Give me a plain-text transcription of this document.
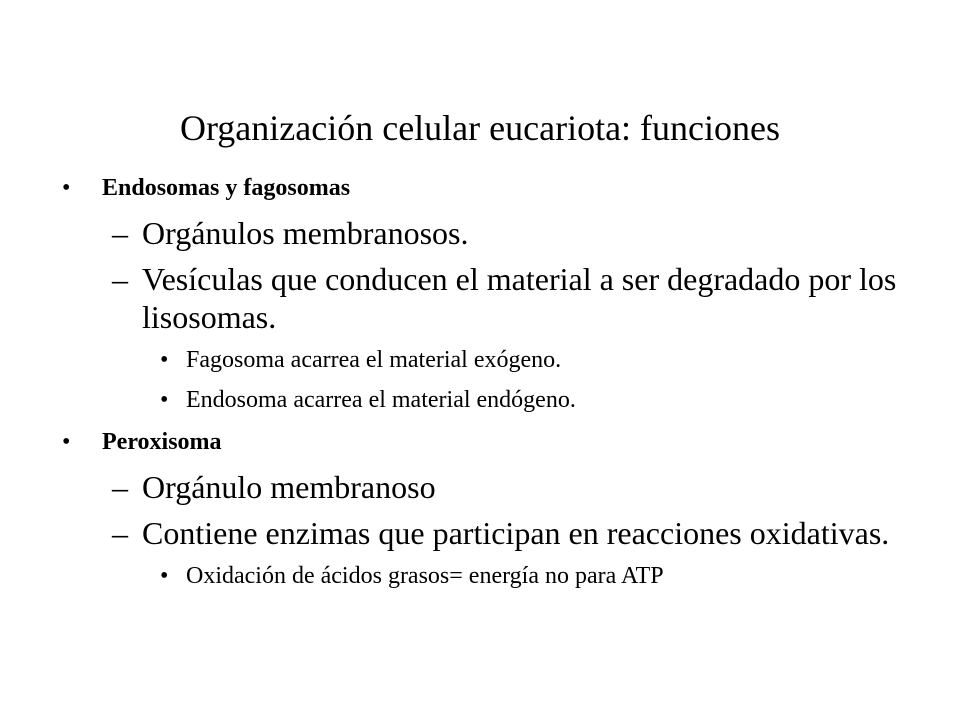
Organización celular eucariota: funciones
• Endosomas y fagosomas
– Orgánulos membranosos.
– Vesículas que conducen el material a ser degradado por los lisosomas.
• Fagosoma acarrea el material exógeno.
• Endosoma acarrea el material endógeno.
• Peroxisoma
– Orgánulo membranoso
– Contiene enzimas que participan en reacciones oxidativas.
• Oxidación de ácidos grasos= energía no para ATP
